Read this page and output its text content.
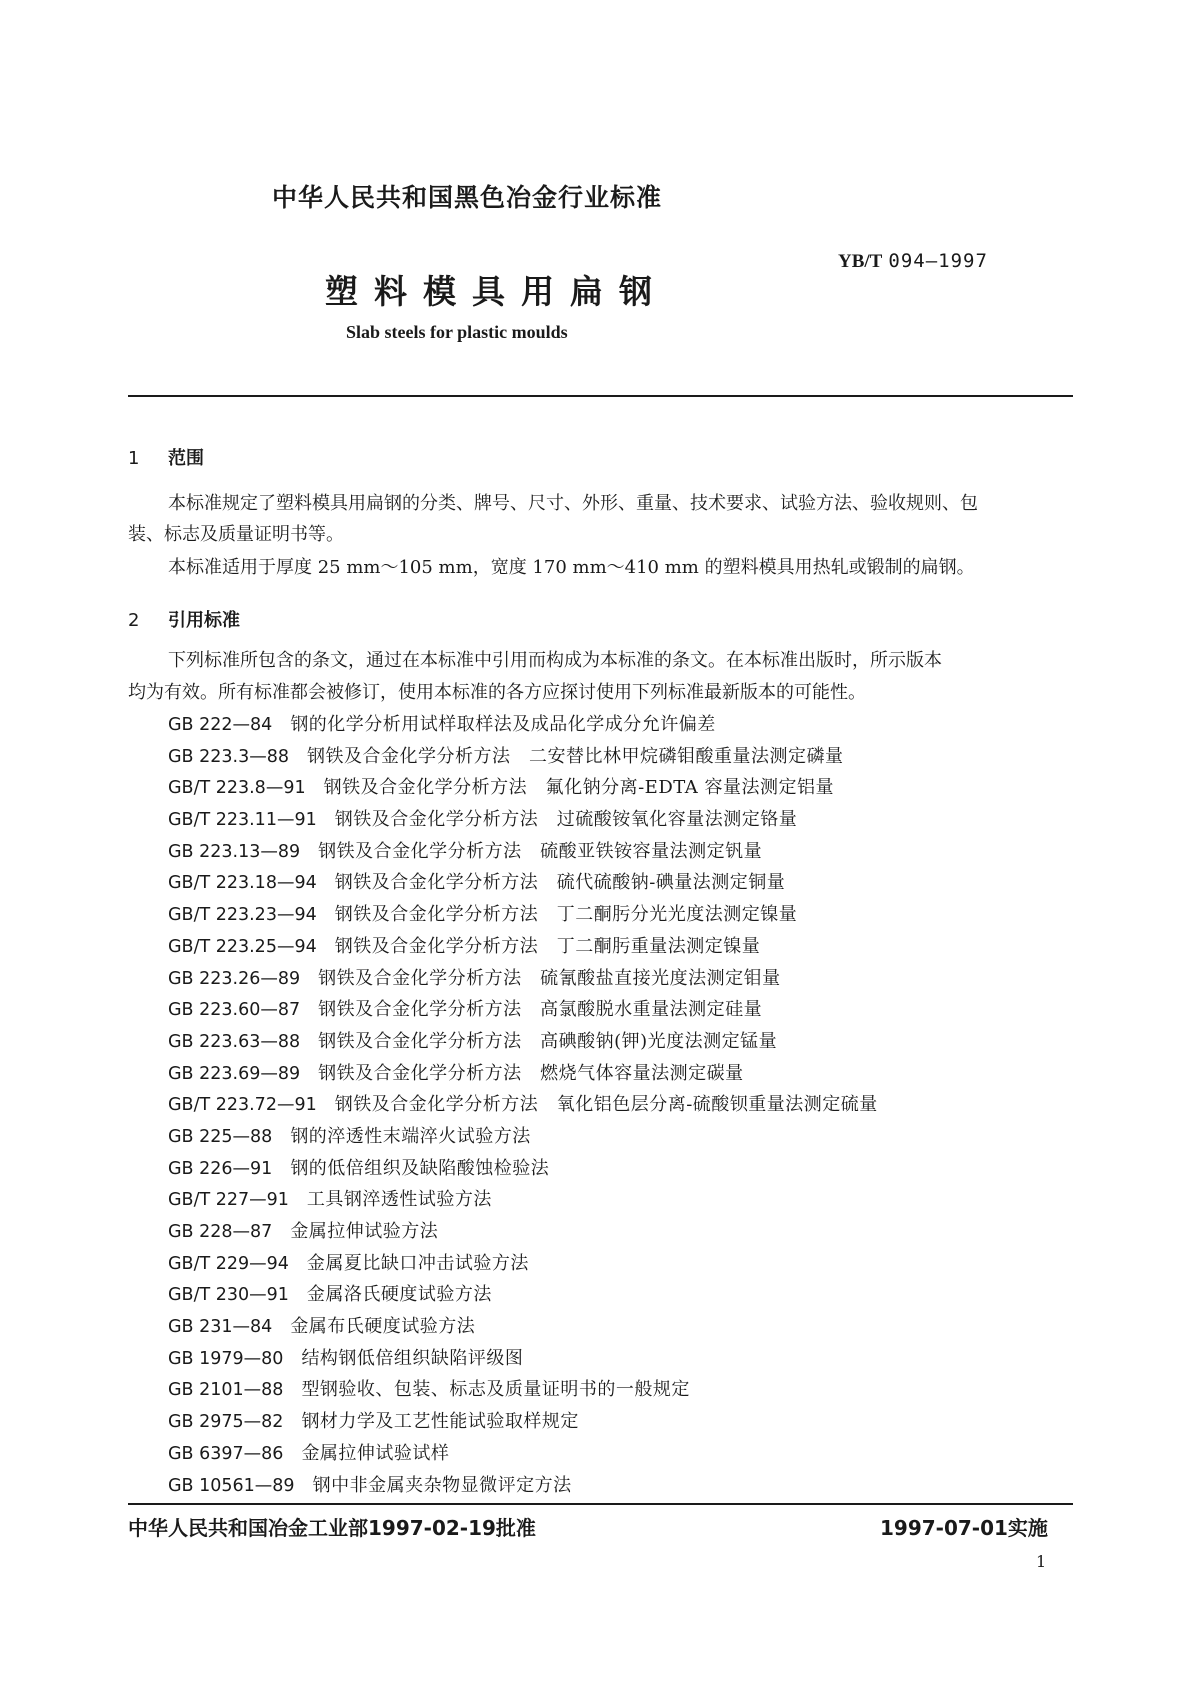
中华人民共和国黑色冶金行业标准
YB/T 094—1997
塑料模具用扁钢
Slab steels for plastic moulds
1 范围
本标准规定了塑料模具用扁钢的分类、牌号、尺寸、外形、重量、技术要求、试验方法、验收规则、包
装、标志及质量证明书等。
本标准适用于厚度 25 mm～105 mm，宽度 170 mm～410 mm 的塑料模具用热轧或锻制的扁钢。
2 引用标准
下列标准所包含的条文，通过在本标准中引用而构成为本标准的条文。在本标准出版时，所示版本
均为有效。所有标准都会被修订，使用本标准的各方应探讨使用下列标准最新版本的可能性。
GB 222—84 钢的化学分析用试样取样法及成品化学成分允许偏差
GB 223.3—88 钢铁及合金化学分析方法　二安替比林甲烷磷钼酸重量法测定磷量
GB/T 223.8—91 钢铁及合金化学分析方法　氟化钠分离-EDTA 容量法测定铝量
GB/T 223.11—91 钢铁及合金化学分析方法　过硫酸铵氧化容量法测定铬量
GB 223.13—89 钢铁及合金化学分析方法　硫酸亚铁铵容量法测定钒量
GB/T 223.18—94 钢铁及合金化学分析方法　硫代硫酸钠-碘量法测定铜量
GB/T 223.23—94 钢铁及合金化学分析方法　丁二酮肟分光光度法测定镍量
GB/T 223.25—94 钢铁及合金化学分析方法　丁二酮肟重量法测定镍量
GB 223.26—89 钢铁及合金化学分析方法　硫氰酸盐直接光度法测定钼量
GB 223.60—87 钢铁及合金化学分析方法　高氯酸脱水重量法测定硅量
GB 223.63—88 钢铁及合金化学分析方法　高碘酸钠(钾)光度法测定锰量
GB 223.69—89 钢铁及合金化学分析方法　燃烧气体容量法测定碳量
GB/T 223.72—91 钢铁及合金化学分析方法　氧化铝色层分离-硫酸钡重量法测定硫量
GB 225—88 钢的淬透性末端淬火试验方法
GB 226—91 钢的低倍组织及缺陷酸蚀检验法
GB/T 227—91 工具钢淬透性试验方法
GB 228—87 金属拉伸试验方法
GB/T 229—94 金属夏比缺口冲击试验方法
GB/T 230—91 金属洛氏硬度试验方法
GB 231—84 金属布氏硬度试验方法
GB 1979—80 结构钢低倍组织缺陷评级图
GB 2101—88 型钢验收、包装、标志及质量证明书的一般规定
GB 2975—82 钢材力学及工艺性能试验取样规定
GB 6397—86 金属拉伸试验试样
GB 10561—89 钢中非金属夹杂物显微评定方法
中华人民共和国冶金工业部1997-02-19批准	1997-07-01实施
1
